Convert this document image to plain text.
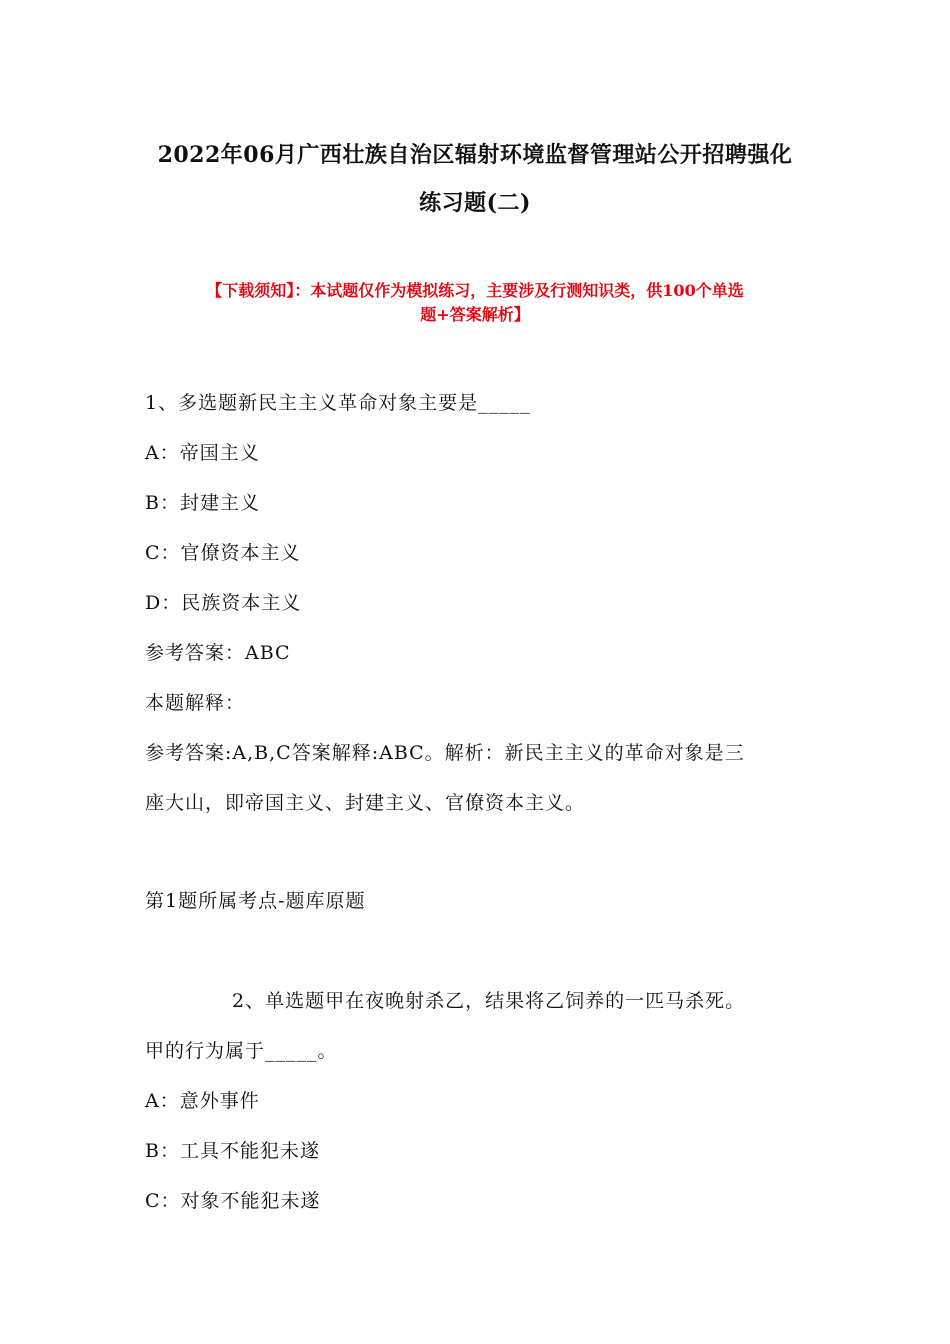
2022年06月广西壮族自治区辐射环境监督管理站公开招聘强化
练习题(二)
【下载须知】：本试题仅作为模拟练习，主要涉及行测知识类，供100个单选
题+答案解析】
1、多选题新民主主义革命对象主要是_____
A：帝国主义
B：封建主义
C：官僚资本主义
D：民族资本主义
参考答案：ABC
本题解释：
参考答案:A,B,C答案解释:ABC。解析：新民主主义的革命对象是三
座大山，即帝国主义、封建主义、官僚资本主义。
第1题所属考点-题库原题
2、单选题甲在夜晚射杀乙，结果将乙饲养的一匹马杀死。
甲的行为属于_____。
A：意外事件
B：工具不能犯未遂
C：对象不能犯未遂
